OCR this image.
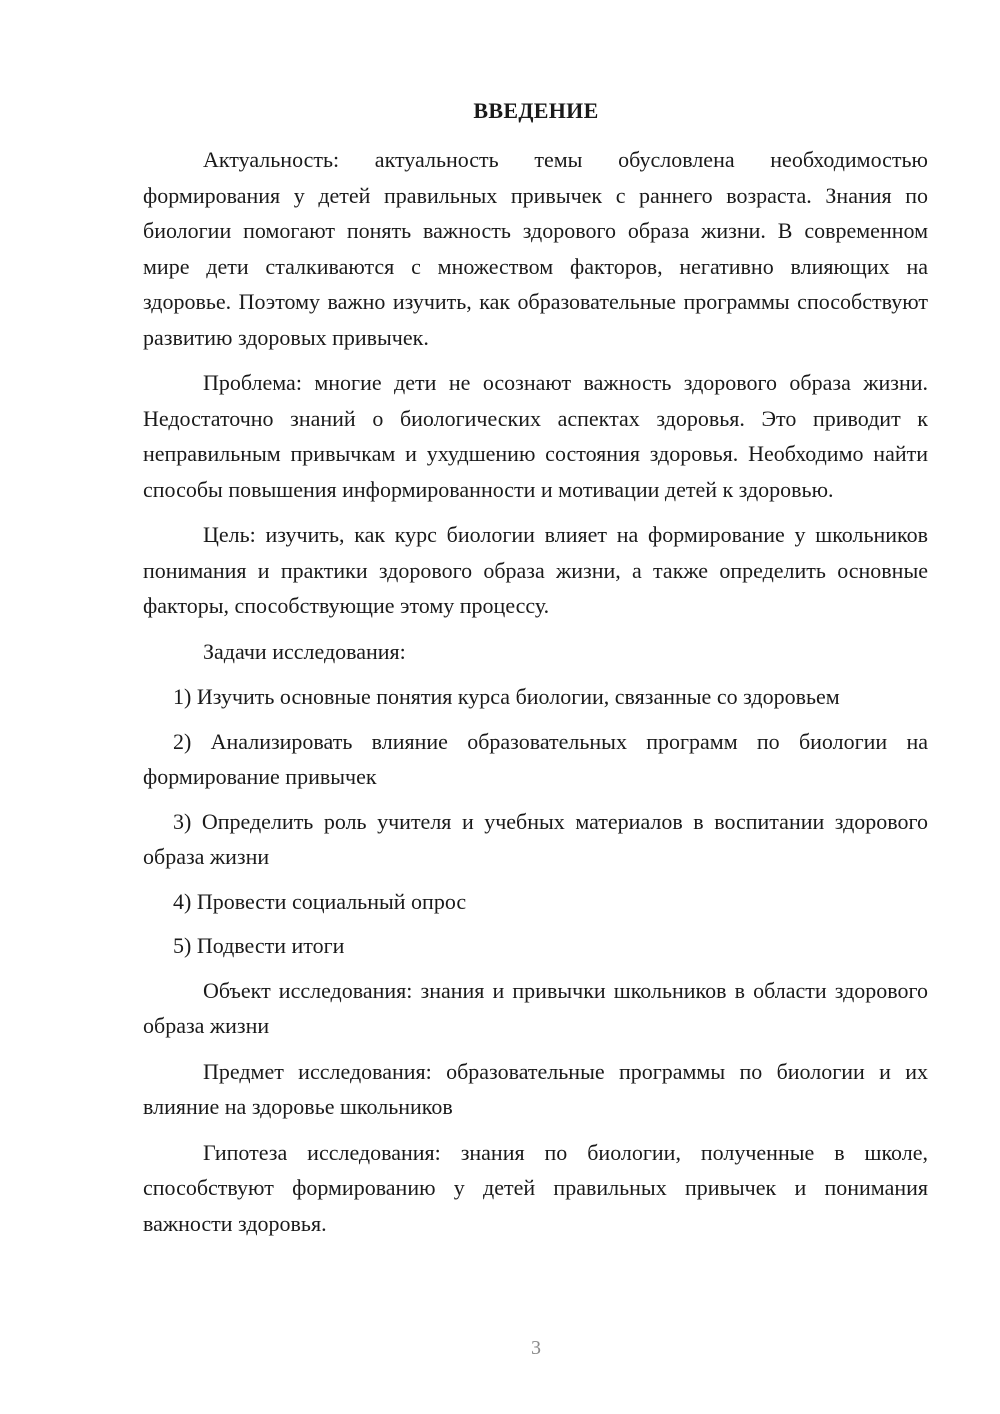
ВВЕДЕНИЕ

Актуальность: актуальность темы обусловлена необходимостью формирования у детей правильных привычек с раннего возраста. Знания по биологии помогают понять важность здорового образа жизни. В современном мире дети сталкиваются с множеством факторов, негативно влияющих на здоровье. Поэтому важно изучить, как образовательные программы способствуют развитию здоровых привычек.

Проблема: многие дети не осознают важность здорового образа жизни. Недостаточно знаний о биологических аспектах здоровья. Это приводит к неправильным привычкам и ухудшению состояния здоровья. Необходимо найти способы повышения информированности и мотивации детей к здоровью.

Цель: изучить, как курс биологии влияет на формирование у школьников понимания и практики здорового образа жизни, а также определить основные факторы, способствующие этому процессу.

Задачи исследования:

1) Изучить основные понятия курса биологии, связанные со здоровьем

2) Анализировать влияние образовательных программ по биологии на формирование привычек

3) Определить роль учителя и учебных материалов в воспитании здорового образа жизни

4) Провести социальный опрос

5) Подвести итоги

Объект исследования: знания и привычки школьников в области здорового образа жизни

Предмет исследования: образовательные программы по биологии и их влияние на здоровье школьников

Гипотеза исследования: знания по биологии, полученные в школе, способствуют формированию у детей правильных привычек и понимания важности здоровья.

3
